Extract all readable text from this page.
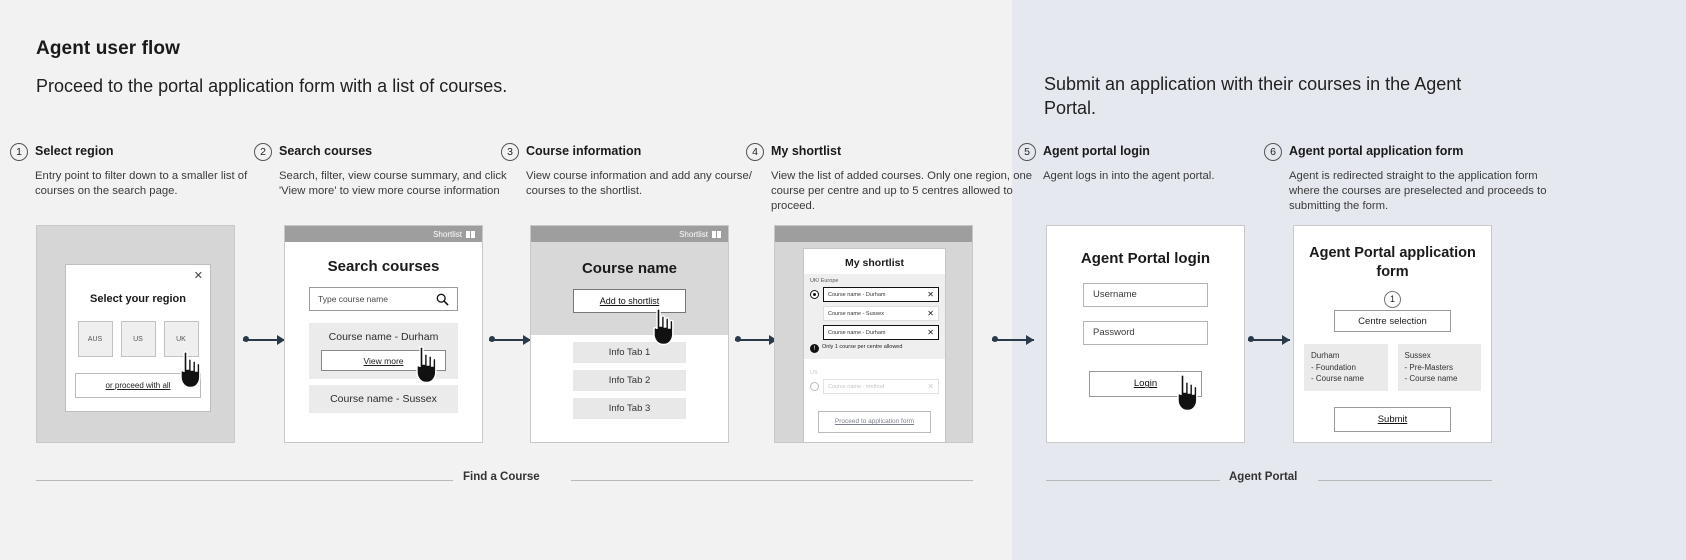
Agent user flow
Proceed to the portal application form with a list of courses.	Submit an application with their courses in the Agent Portal.
1	Select region
Entry point to filter down to a smaller list of courses on the search page.
2	Search courses
Search, filter, view course summary, and click 'View more' to view more course information
3	Course information
View course information and add any course/ courses to the shortlist.
4	My shortlist
View the list of added courses. Only one region, one course per centre and up to 5 centres allowed to proceed.
5	Agent portal login
Agent logs in into the agent portal.
6	Agent portal application form
Agent is redirected straight to the application form where the courses are preselected and proceeds to submitting the form.
✕
Select your region
AUS	US	UK
or proceed with all
Shortlist
Search courses
Type course name
Course name - Durham
View more
Course name - Sussex
Shortlist
Course name
Add to shortlist
Info Tab 1
Info Tab 2
Info Tab 3
My shortlist
UK/ Europe
Course name - Durham	✕
Course name - Sussex	✕
Course name - Durham	✕
!	Only 1 course per centre allowed
US
Course name - method	✕
Proceed to application form
Agent Portal login
Username
Password
Login
Agent Portal application form
1
Centre selection
Durham
- Foundation
- Course name
Sussex
- Pre-Masters
- Course name
Submit
Find a Course	Agent Portal
